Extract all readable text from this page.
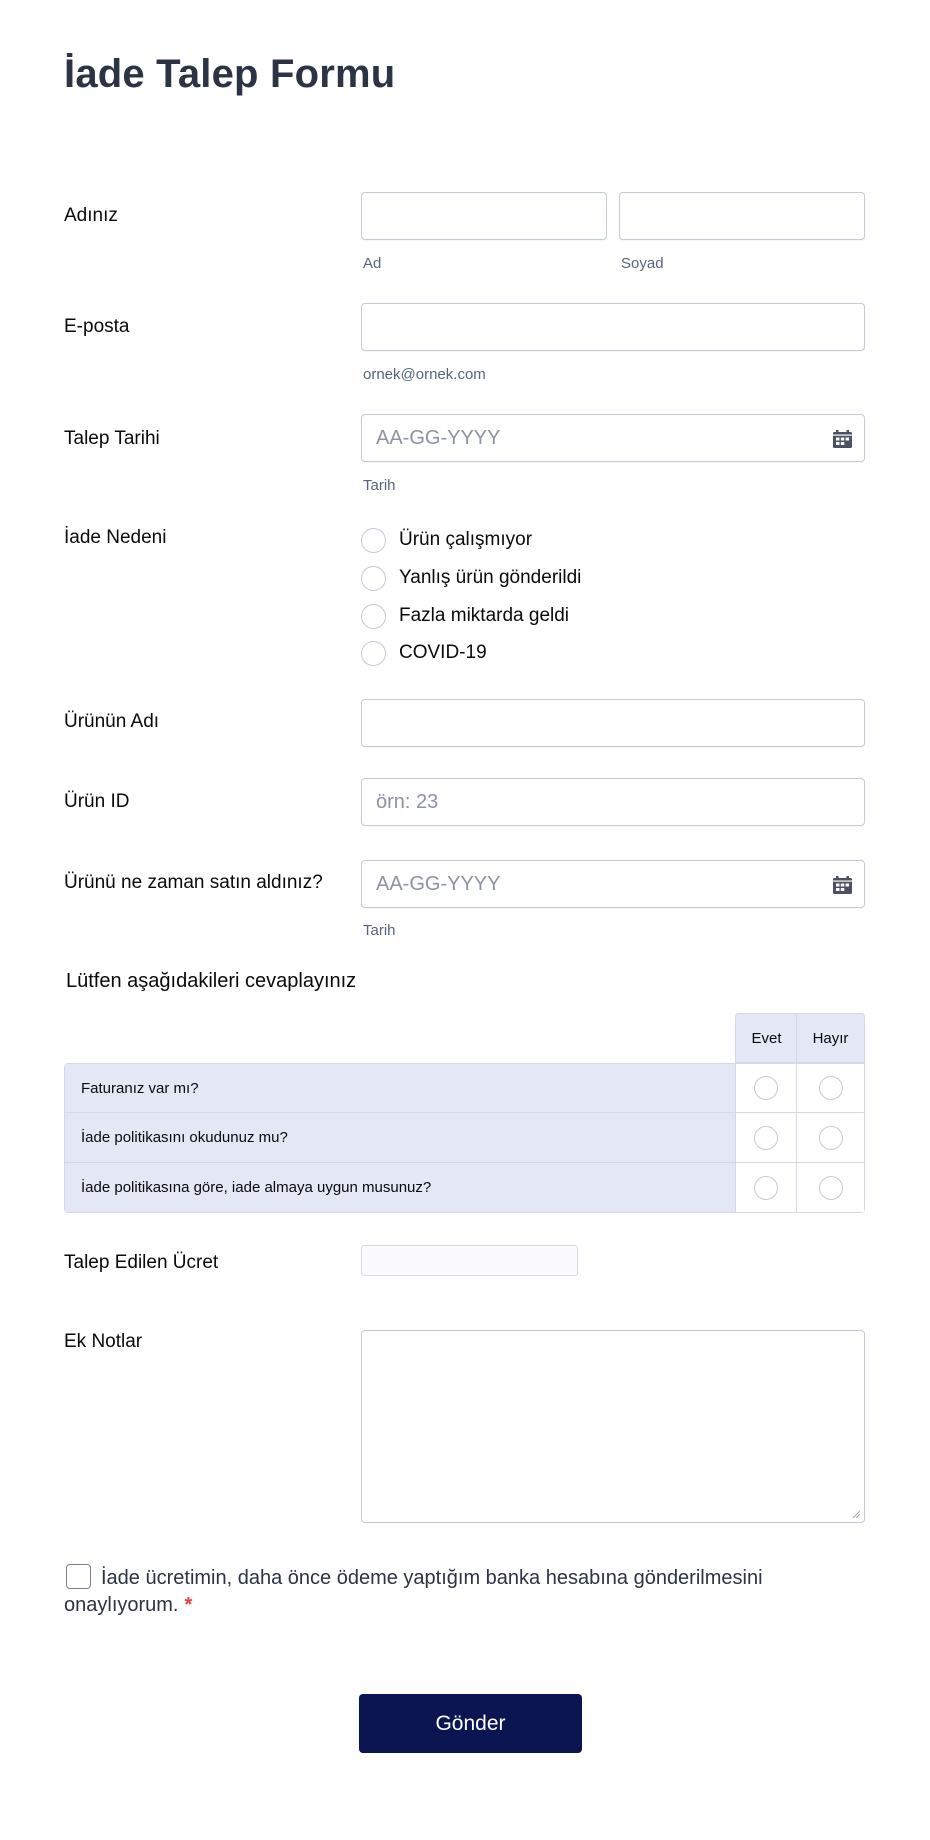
İade Talep Formu
Adınız
Ad	Soyad
E-posta
ornek@ornek.com
Talep Tarihi	AA-GG-YYYY
Tarih
İade Nedeni	Ürün çalışmıyor
Yanlış ürün gönderildi
Fazla miktarda geldi
COVID-19
Ürünün Adı
Ürün ID	örn: 23
Ürünü ne zaman satın aldınız?	AA-GG-YYYY
Tarih
Lütfen aşağıdakileri cevaplayınız
Evet	Hayır
Faturanız var mı?
İade politikasını okudunuz mu?
İade politikasına göre, iade almaya uygun musunuz?
Talep Edilen Ücret
Ek Notlar
İade ücretimin, daha önce ödeme yaptığım banka hesabına gönderilmesini onaylıyorum. *
Gönder
